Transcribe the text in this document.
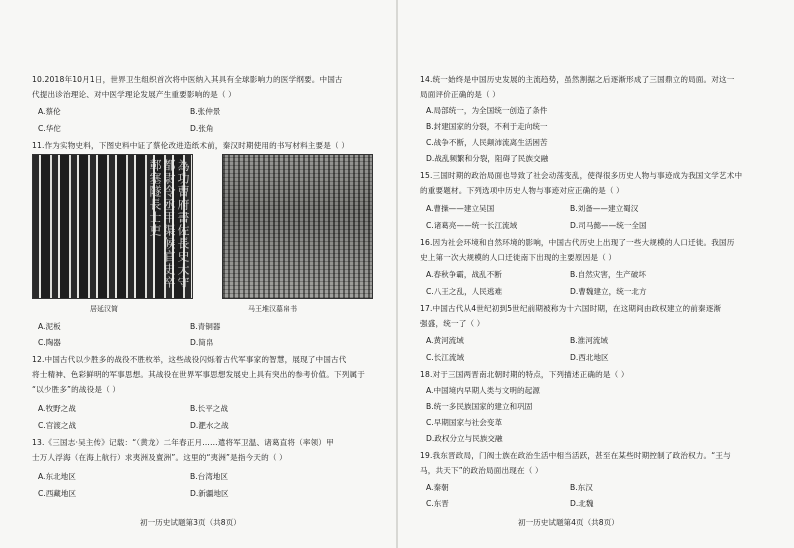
10.2018年10月1日，世界卫生组织首次将中医纳入其具有全球影响力的医学纲要。中国古
代提出诊治理论、对中医学理论发展产生重要影响的是（ ）
A.蔡伦	B.张仲景
C.华佗	D.张角
11.作为实物史料，下图史料中证了蔡伦改进造纸术前，秦汉时期使用的书写材料主要是（ ）
為功曹府書佐長史大守都尉令丞甲渠候官史卒鄣塞隧長士吏
居延汉简	马王堆汉墓帛书
A.泥板	B.青铜器
C.陶器	D.简帛
12.中国古代以少胜多的战役不胜枚举，这些战役闪烁着古代军事家的智慧，展现了中国古代
将士精神、色彩鲜明的军事思想。其战役在世界军事思想发展史上具有突出的参考价值。下列属于
“以少胜多”的战役是（ ）
A.牧野之战	B.长平之战
C.官渡之战	D.淝水之战
13.《三国志·吴主传》记载：“（黄龙）二年春正月……遣将军卫温、诸葛直将（率领）甲
士万人浮海（在海上航行）求夷洲及亶洲”。这里的“夷洲”是指今天的（ ）
A.东北地区	B.台湾地区
C.西藏地区	D.新疆地区
初一历史试题第3页（共8页）
14.统一始终是中国历史发展的主流趋势，虽然割据之后逐渐形成了三国鼎立的局面。对这一
局面评价正确的是（ ）
A.局部统一，为全国统一创造了条件
B.封建国家的分裂，不利于走向统一
C.战争不断，人民颠沛流离生活困苦
D.战乱频繁和分裂，阻碍了民族交融
15.三国时期的政治局面也导致了社会动荡变乱，使得很多历史人物与事迹成为我国文学艺术中
的重要题材。下列选项中历史人物与事迹对应正确的是（ ）
A.曹操——建立吴国	B.刘备——建立蜀汉
C.诸葛亮——统一长江流域	D.司马懿——统一全国
16.因为社会环境和自然环境的影响，中国古代历史上出现了一些大规模的人口迁徙。我国历
史上第一次大规模的人口迁徙南下出现的主要原因是（ ）
A.春秋争霸，战乱不断	B.自然灾害，生产破坏
C.八王之乱，人民逃难	D.曹魏建立，统一北方
17.中国古代从4世纪初到5世纪前期被称为十六国时期，在这期间由政权建立的前秦逐渐
强盛，统一了（ ）
A.黄河流域	B.淮河流域
C.长江流域	D.西北地区
18.对于三国两晋南北朝时期的特点，下列描述正确的是（ ）
A.中国境内早期人类与文明的起源
B.统一多民族国家的建立和巩固
C.早期国家与社会变革
D.政权分立与民族交融
19.我东晋政局，门阀士族在政治生活中相当活跃，甚至在某些时期控制了政治权力。“王与
马，共天下”的政治局面出现在（ ）
A.秦朝	B.东汉
C.东晋	D.北魏
初一历史试题第4页（共8页）
